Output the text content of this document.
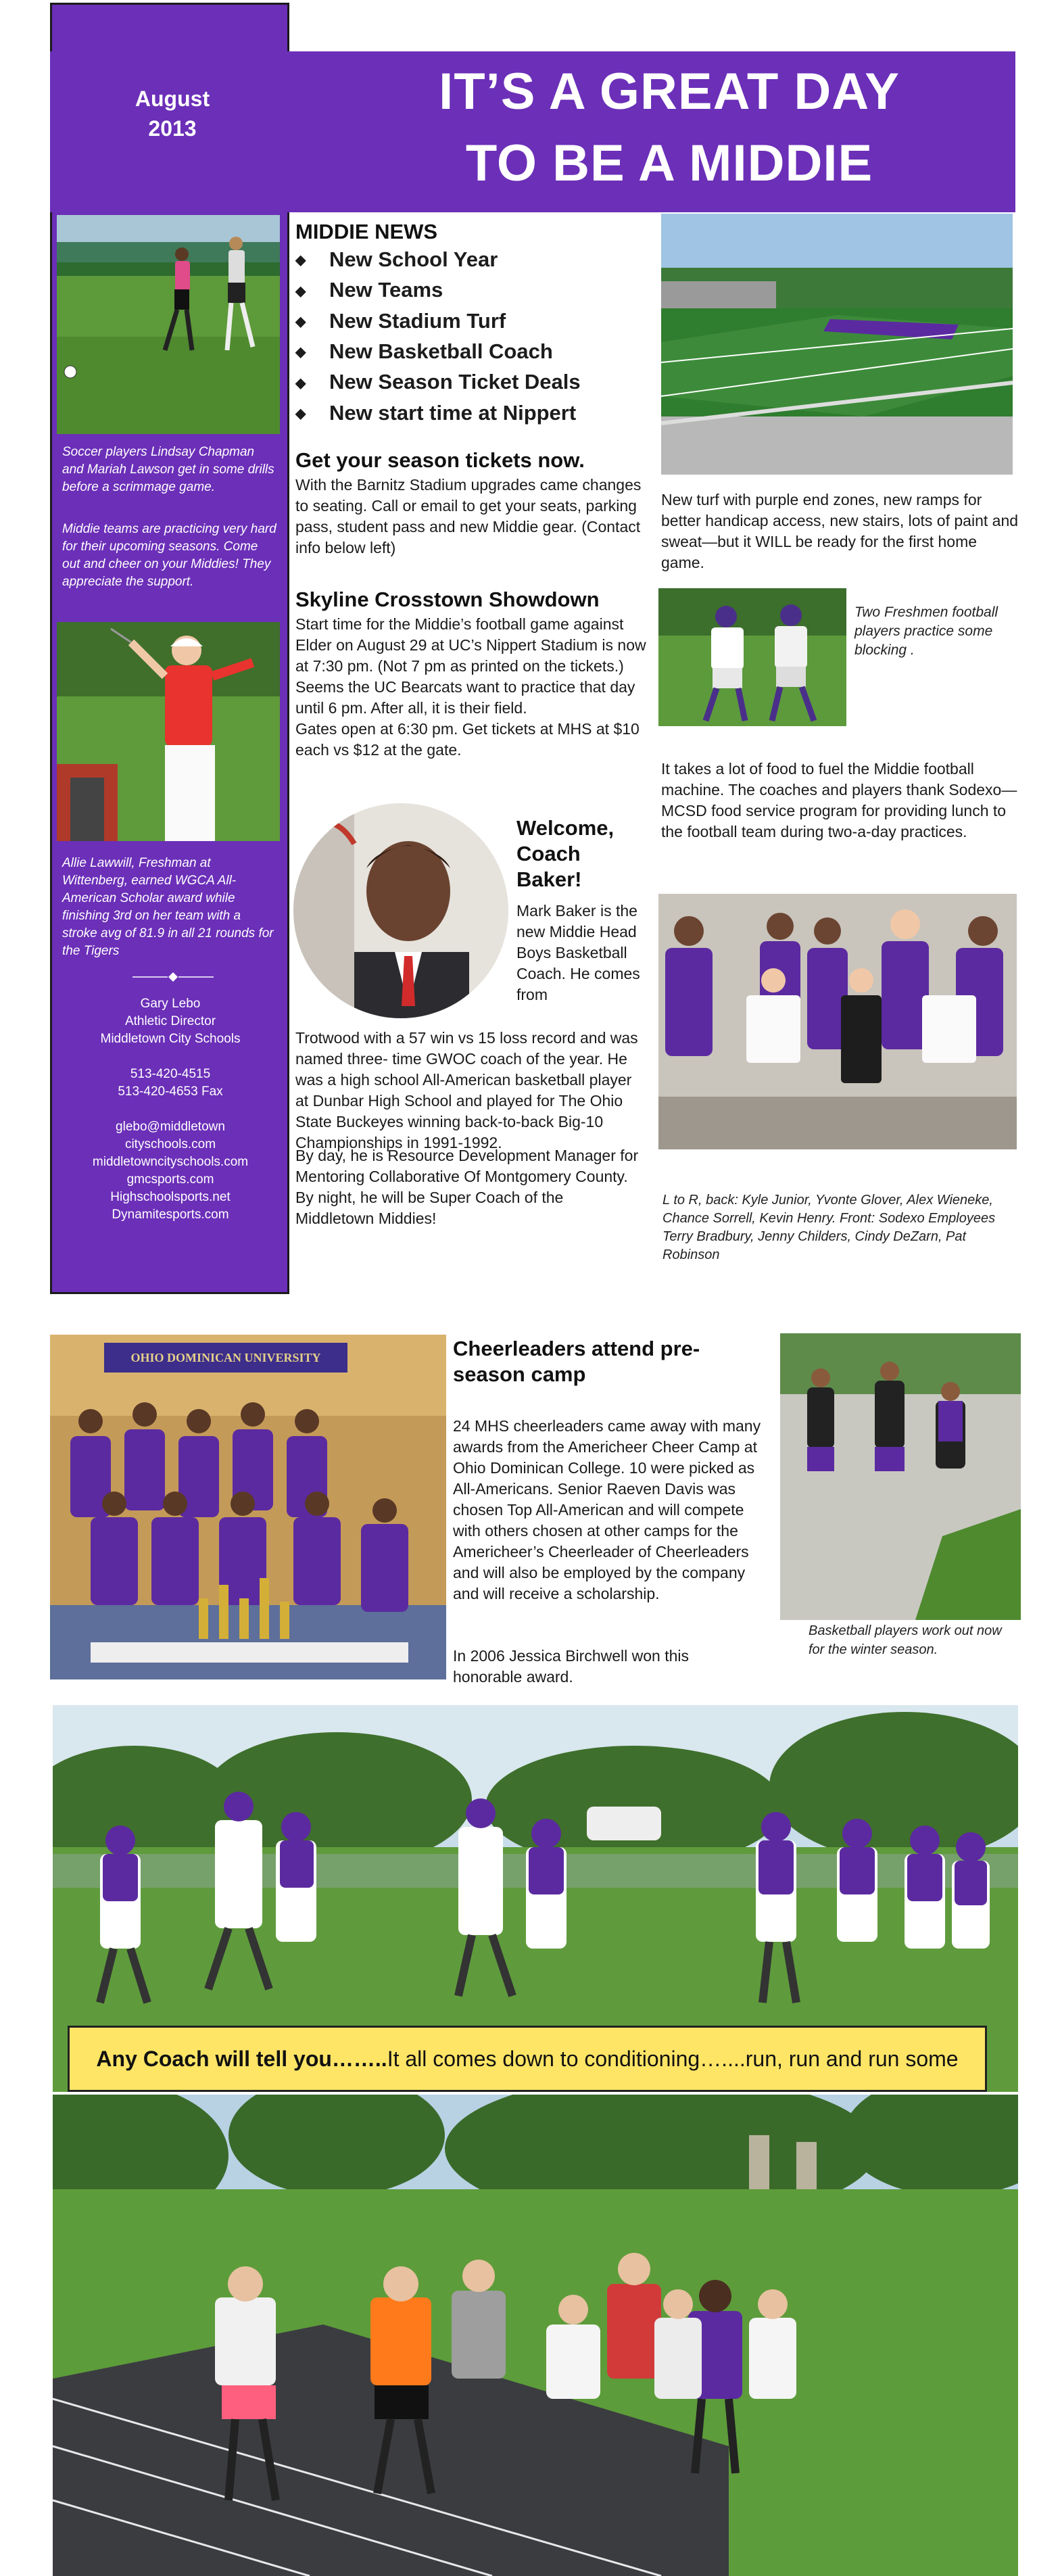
August
2013
IT’S A GREAT DAY
TO BE A MIDDIE
Soccer players Lindsay Chapman and Mariah Lawson get in some drills before a scrimmage game.
Middie teams are practicing very hard for their upcoming seasons. Come out and cheer on your Middies! They appreciate the support.
Allie Lawwill, Freshman at Wittenberg, earned WGCA All-American Scholar award while finishing 3rd on her team with a stroke avg of 81.9 in all 21 rounds for the Tigers
Gary Lebo
Athletic Director
Middletown City Schools
513-420-4515
513-420-4653 Fax
glebo@middletown
cityschools.com
middletowncityschools.com
gmcsports.com
Highschoolsports.net
Dynamitesports.com
MIDDIE NEWS
◆ New School Year
◆ New Teams
◆ New Stadium Turf
◆ New Basketball Coach
◆ New Season Ticket Deals
◆ New start time at Nippert
Get your season tickets now.
With the Barnitz Stadium upgrades came changes to seating. Call or email to get your seats, parking pass, student pass and new Middie gear. (Contact info below left)
Skyline Crosstown Showdown
Start time for the Middie’s football game against Elder on August 29 at UC’s Nippert Stadium is now at 7:30 pm. (Not 7 pm as printed on the tickets.)
Seems the UC Bearcats want to practice that day until 6 pm. After all, it is their field.
Gates open at 6:30 pm. Get tickets at MHS at $10 each vs $12 at the gate.
Welcome,
Coach
Baker!
Mark Baker is the new Middie Head Boys Basketball Coach. He comes from
Trotwood with a 57 win vs 15 loss record and was named three- time GWOC coach of the year. He was a high school All-American basketball player at Dunbar High School and played for The Ohio State Buckeyes winning back-to-back Big-10 Championships in 1991-1992.
By day, he is Resource Development Manager for Mentoring Collaborative Of Montgomery County. By night, he will be Super Coach of the Middletown Middies!
New turf with purple end zones, new ramps for better handicap access, new stairs, lots of paint and sweat—but it WILL be ready for the first home game.
Two Freshmen football players practice some blocking .
It takes a lot of food to fuel the Middie football machine. The coaches and players thank Sodexo—MCSD food service program for providing lunch to the football team during two-a-day practices.
L to R, back: Kyle Junior, Yvonte Glover, Alex Wieneke, Chance Sorrell, Kevin Henry. Front: Sodexo Employees Terry Bradbury, Jenny Childers, Cindy DeZarn, Pat Robinson
OHIO DOMINICAN UNIVERSITY	Cheerleaders attend pre-
season camp
24 MHS cheerleaders came away with many awards from the Americheer Cheer Camp at Ohio Dominican College. 10 were picked as All-Americans. Senior Raeven Davis was chosen Top All-American and will compete with others chosen at other camps for the Americheer’s Cheerleader of Cheerleaders and will also be employed by the company and will receive a scholarship.
In 2006 Jessica Birchwell won this honorable award.
Basketball players work out now for the winter season.
Any Coach will tell you……..It all comes down to conditioning…....run, run and run some
